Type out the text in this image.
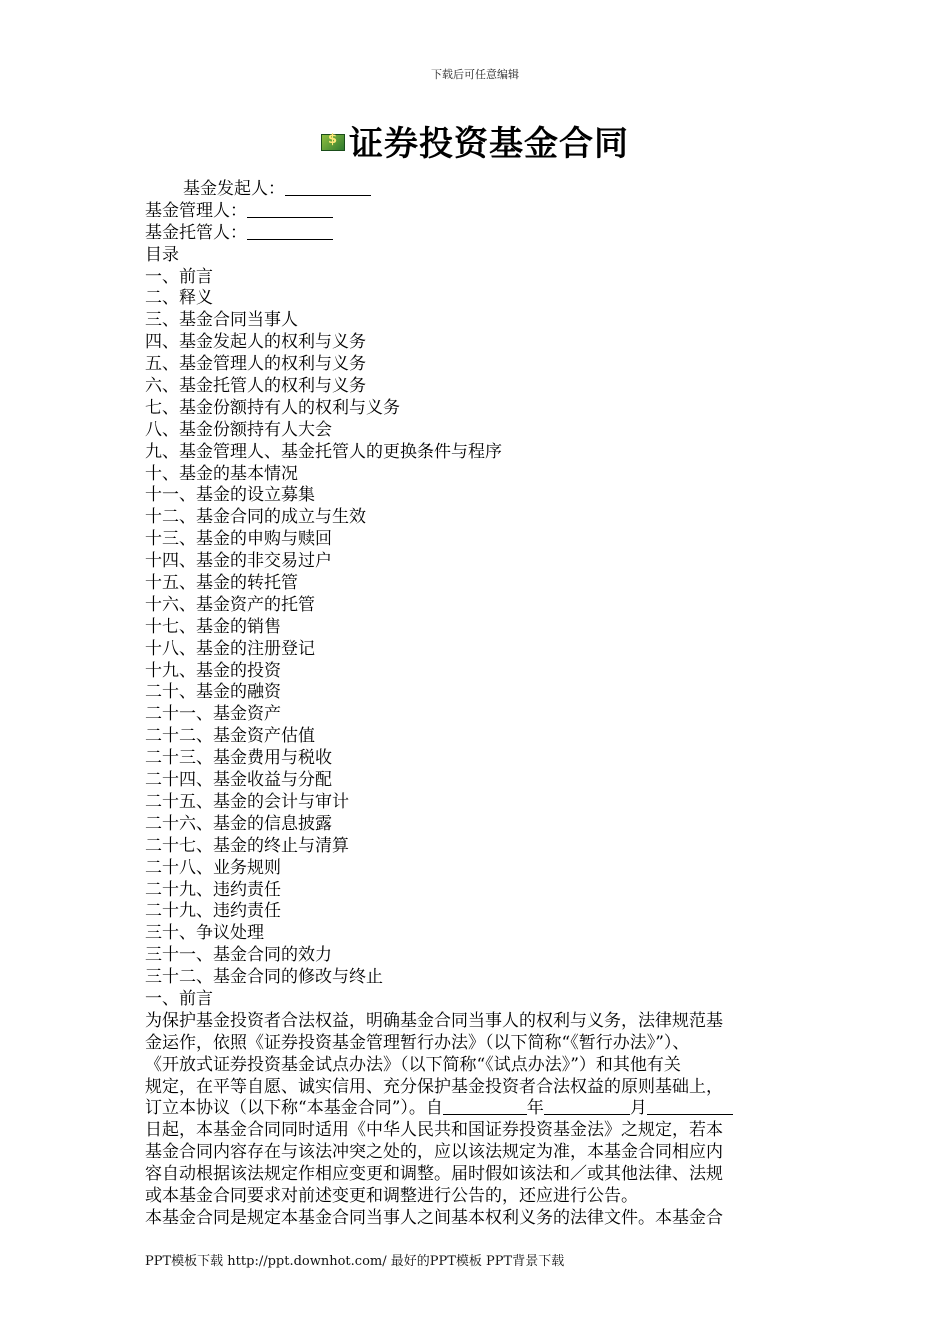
下载后可任意编辑
$证券投资基金合同
基金发起人：
基金管理人：
基金托管人：
目录
一、前言
二、释义
三、基金合同当事人
四、基金发起人的权利与义务
五、基金管理人的权利与义务
六、基金托管人的权利与义务
七、基金份额持有人的权利与义务
八、基金份额持有人大会
九、基金管理人、基金托管人的更换条件与程序
十、基金的基本情况
十一、基金的设立募集
十二、基金合同的成立与生效
十三、基金的申购与赎回
十四、基金的非交易过户
十五、基金的转托管
十六、基金资产的托管
十七、基金的销售
十八、基金的注册登记
十九、基金的投资
二十、基金的融资
二十一、基金资产
二十二、基金资产估值
二十三、基金费用与税收
二十四、基金收益与分配
二十五、基金的会计与审计
二十六、基金的信息披露
二十七、基金的终止与清算
二十八、业务规则
二十九、违约责任
二十九、违约责任
三十、争议处理
三十一、基金合同的效力
三十二、基金合同的修改与终止
一、前言
为保护基金投资者合法权益，明确基金合同当事人的权利与义务，法律规范基
金运作，依照《证券投资基金管理暂行办法》（以下简称“《暂行办法》”）、
《开放式证券投资基金试点办法》（以下简称“《试点办法》”）和其他有关
规定，在平等自愿、诚实信用、充分保护基金投资者合法权益的原则基础上，
订立本协议（以下称“本基金合同”）。自	年	月
日起，本基金合同同时适用《中华人民共和国证券投资基金法》之规定，若本
基金合同内容存在与该法冲突之处的，应以该法规定为准，本基金合同相应内
容自动根据该法规定作相应变更和调整。届时假如该法和／或其他法律、法规
或本基金合同要求对前述变更和调整进行公告的，还应进行公告。
本基金合同是规定本基金合同当事人之间基本权利义务的法律文件。本基金合
PPT模板下载 http://ppt.downhot.com/ 最好的PPT模板 PPT背景下载
